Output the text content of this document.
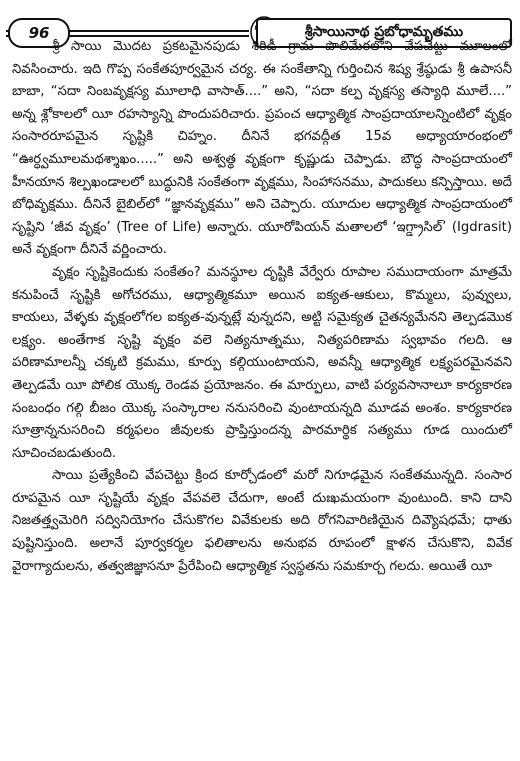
96	శ్రీసాయినాథ ప్రబోధామృతము

శ్రీ సాయి మొదట ప్రకటమైనపుడు శిరిడీ గ్రామ పొలిమేరలోని వేపచెట్టు మూలంలో నివసించారు. ఇది గొప్ప సంకేతపూర్వమైన చర్య. ఈ సంకేతాన్ని గుర్తించిన శిష్య శ్రేష్ఠుడు శ్రీ ఉపాసనీ బాబా, “సదా నింబవృక్షస్య మూలాధి వాసాత్....” అని, “సదా కల్ప వృక్షస్య తస్యాధి మూలే....” అన్న శ్లోకాలలో యీ రహస్యాన్ని పొందుపరిచారు. ప్రపంచ ఆధ్యాత్మిక సాంప్రదాయాలన్నింటిలో వృక్షం సంసారరూపమైన సృష్టికి చిహ్నం. దీనినే భగవద్గీత 15వ అధ్యాయారంభంలో “ఊర్ధ్వమూలమథశ్శాఖం.....” అని అశ్వత్థ వృక్షంగా కృష్ణుడు చెప్పాడు. బౌద్ధ సాంప్రదాయంలో హీనయాన శిల్పఖండాలలో బుద్ధునికి సంకేతంగా వృక్షము, సింహాసనము, పాదుకలు కన్పిస్తాయి. అదే బోధివృక్షము. దీనినే బైబిల్‌లో “జ్ఞానవృక్షము” అని చెప్పారు. యూదుల ఆధ్యాత్మిక సాంప్రదాయంలో సృష్టిని ‘జీవ వృక్షం’ (Tree of Life) అన్నారు. యూరోపియన్ మతాలలో ‘ఇగ్డ్రాసిల్’ (Igdrasit) అనే వృక్షంగా దీనినే వర్ణించారు.

వృక్షం సృష్టికెందుకు సంకేతం? మనస్థూల దృష్టికి వేర్వేరు రూపాల సముదాయంగా మాత్రమే కనుపించే సృష్టికి అగోచరము, ఆధ్యాత్మికమూ అయిన ఐక్యత-ఆకులు, కొమ్మలు, పువ్వులు, కాయలు, వేళ్ళకు వృక్షంలోగల ఐక్యత-వున్నట్లే వున్నదని, అట్టి సమైక్యత చైతన్యమేనని తెల్పడమొక లక్ష్యం. అంతేగాక సృష్టి వృక్షం వలె నిత్యనూత్నము, నిత్యపరిణామ స్వభావం గలది. ఆ పరిణామాలన్నీ చక్కటి క్రమము, కూర్పు కల్గియుంటాయని, అవన్నీ ఆధ్యాత్మిక లక్ష్యపరమైనవని తెల్పడమే యీ పోలిక యొక్క రెండవ ప్రయోజనం. ఈ మార్పులు, వాటి పర్యవసానాలూ కార్యకారణ సంబంధం గల్గి బీజం యొక్క సంస్కారాల ననుసరించి వుంటాయన్నది మూడవ అంశం. కార్యకారణ సూత్రాన్ననుసరించి కర్మఫలం జీవులకు ప్రాప్తిస్తుందన్న పారమార్థిక సత్యము గూడ యిందులో సూచించబడుతుంది.

సాయి ప్రత్యేకించి వేపచెట్టు క్రింద కూర్చోడంలో మరో నిగూఢమైన సంకేతమున్నది. సంసార రూపమైన యీ సృష్టియే వృక్షం వేపవలె చేదుగా, అంటే దుఃఖమయంగా వుంటుంది. కాని దాని నిజతత్త్వమెరిగి సద్వినియోగం చేసుకొగల వివేకులకు అది రోగనివారిణియైన దివ్యౌషధమే; ధాతు పుష్టినిస్తుంది. అలానే పూర్వకర్మల ఫలితాలను అనుభవ రూపంలో క్షాళన చేసుకొని, వివేక వైరాగ్యాదులను, తత్వజిజ్ఞాసనూ ప్రేరేపించి ఆధ్యాత్మిక స్వస్థతను సమకూర్చ గలదు. అయితే యీ
